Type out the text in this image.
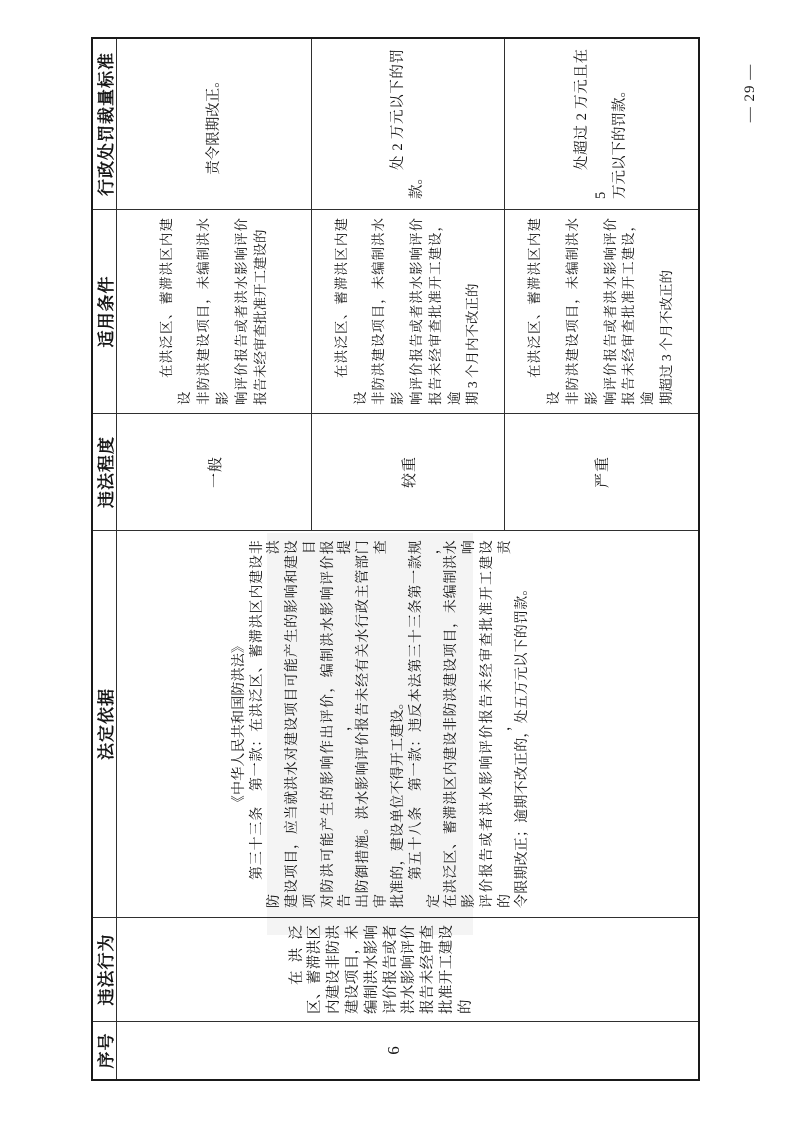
序号
违法行为
法定依据
违法程度
适用条件
行政处罚裁量标准
6
在洪泛 区、蓄滞洪区 内建设非防洪 建设项目，未 编制洪水影响 评价报告或者 洪水影响评价 报告未经审查 批准开工建设 的
《中华人民共和国防洪法》 第三十三条　第一款：在洪泛区、蓄滞洪区内建设非防洪 建设项目，应当就洪水对建设项目可能产生的影响和建设项目 对防洪可能产生的影响作出评价，编制洪水影响评价报告，提 出防御措施。洪水影响评价报告未经有关水行政主管部门审查 批准的，建设单位不得开工建设。 第五十八条　第一款：违反本法第三十三条第一款规定， 在洪泛区、蓄滞洪区内建设非防洪建设项目，未编制洪水影响 评价报告或者洪水影响评价报告未经审查批准开工建设的，责 令限期改正；逾期不改正的，处五万元以下的罚款。
一般
在洪泛区、蓄滞洪区内建设 非防洪建设项目，未编制洪水影 响评价报告或者洪水影响评价 报告未经审查批准开工建设的
责令限期改正。
较重
在洪泛区、蓄滞洪区内建设 非防洪建设项目，未编制洪水影 响评价报告或者洪水影响评价 报告未经审查批准开工建设，逾 期 3 个月内不改正的
处 2 万元以下的罚
款。
严重
在洪泛区、蓄滞洪区内建设 非防洪建设项目，未编制洪水影 响评价报告或者洪水影响评价 报告未经审查批准开工建设，逾 期超过 3 个月不改正的
处超过 2 万元且在 5 万元以下的罚款。	— 29 —
